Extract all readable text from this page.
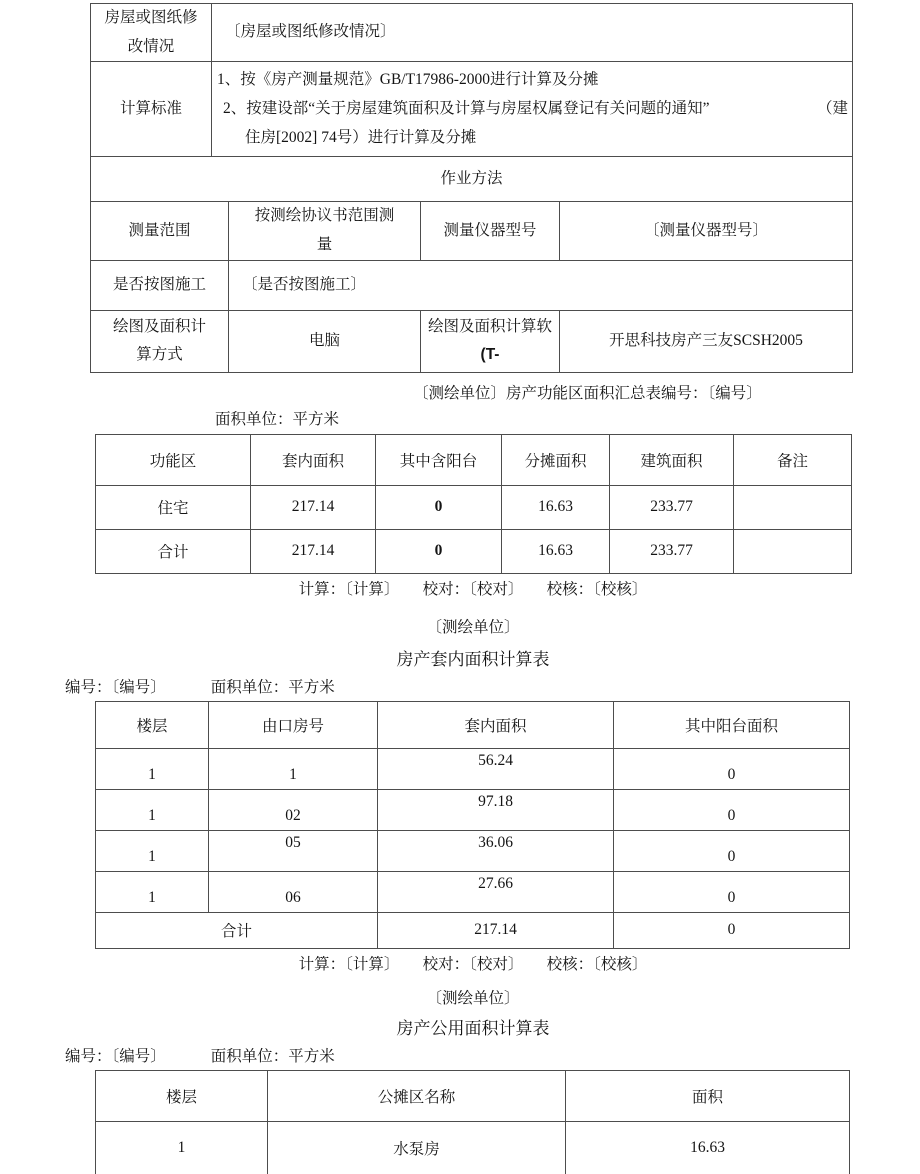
房屋或图纸修改情况	〔房屋或图纸修改情况〕			
计算标准	1、按《房产测量规范》GB/T17986-2000进行计算及分摊
2、按建设部“关于房屋建筑面积及计算与房屋权属登记有关问题的通知” （建
住房[2002] 74号）进行计算及分摊			

作业方法				
测量范围		按测绘协议书范围测量	测量仪器型号	〔测量仪器型号〕
是否按图施工		〔是否按图施工〕		
绘图及面积计算方式		电脑	绘图及面积计算软 (T-	开思科技房产三友SCSH2005
〔测绘单位〕房产功能区面积汇总表编号：〔编号〕
面积单位：平方米
功能区	套内面积	其中含阳台	分摊面积	建筑面积	备注
住宅	217.14	0	16.63	233.77	
合计	217.14	0	16.63	233.77	
计算：〔计算〕　　校对：〔校对〕　　校核：〔校核〕
〔测绘单位〕
房产套内面积计算表
编号：〔编号〕	面积单位：平方米
楼层	由口房号	套内面积	其中阳台面积
1	1	56.24	0
1	02	97.18	0
1	05	36.06	0
1	06	27.66	0
合计		217.14	0
计算：〔计算〕　　校对：〔校对〕　　校核：〔校核〕
〔测绘单位〕
房产公用面积计算表
编号：〔编号〕	面积单位：平方米
楼层	公摊区名称	面积
1	水泵房	16.63
